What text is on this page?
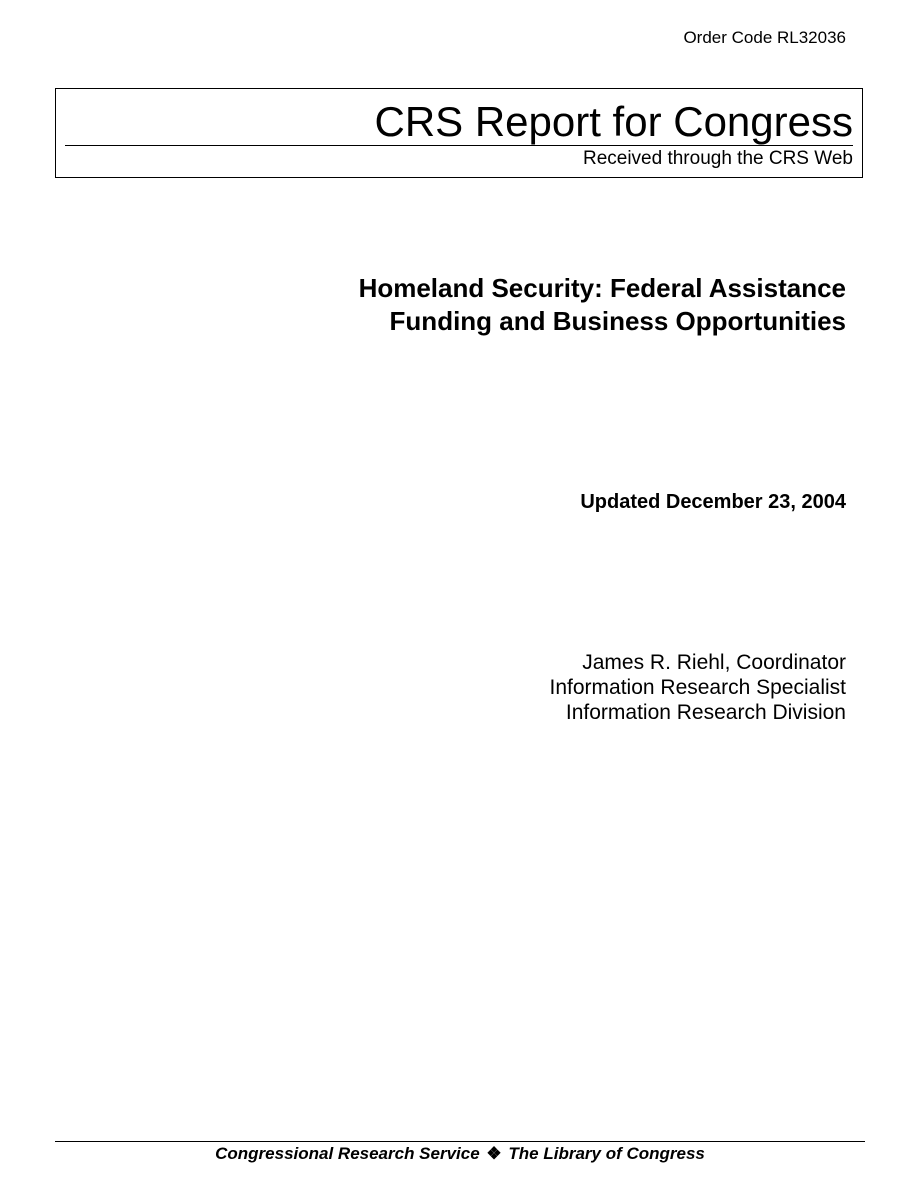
Order Code RL32036
CRS Report for Congress
Received through the CRS Web
Homeland Security: Federal Assistance
Funding and Business Opportunities
Updated December 23, 2004
James R. Riehl, Coordinator
Information Research Specialist
Information Research Division
Congressional Research Service ❖ The Library of Congress
